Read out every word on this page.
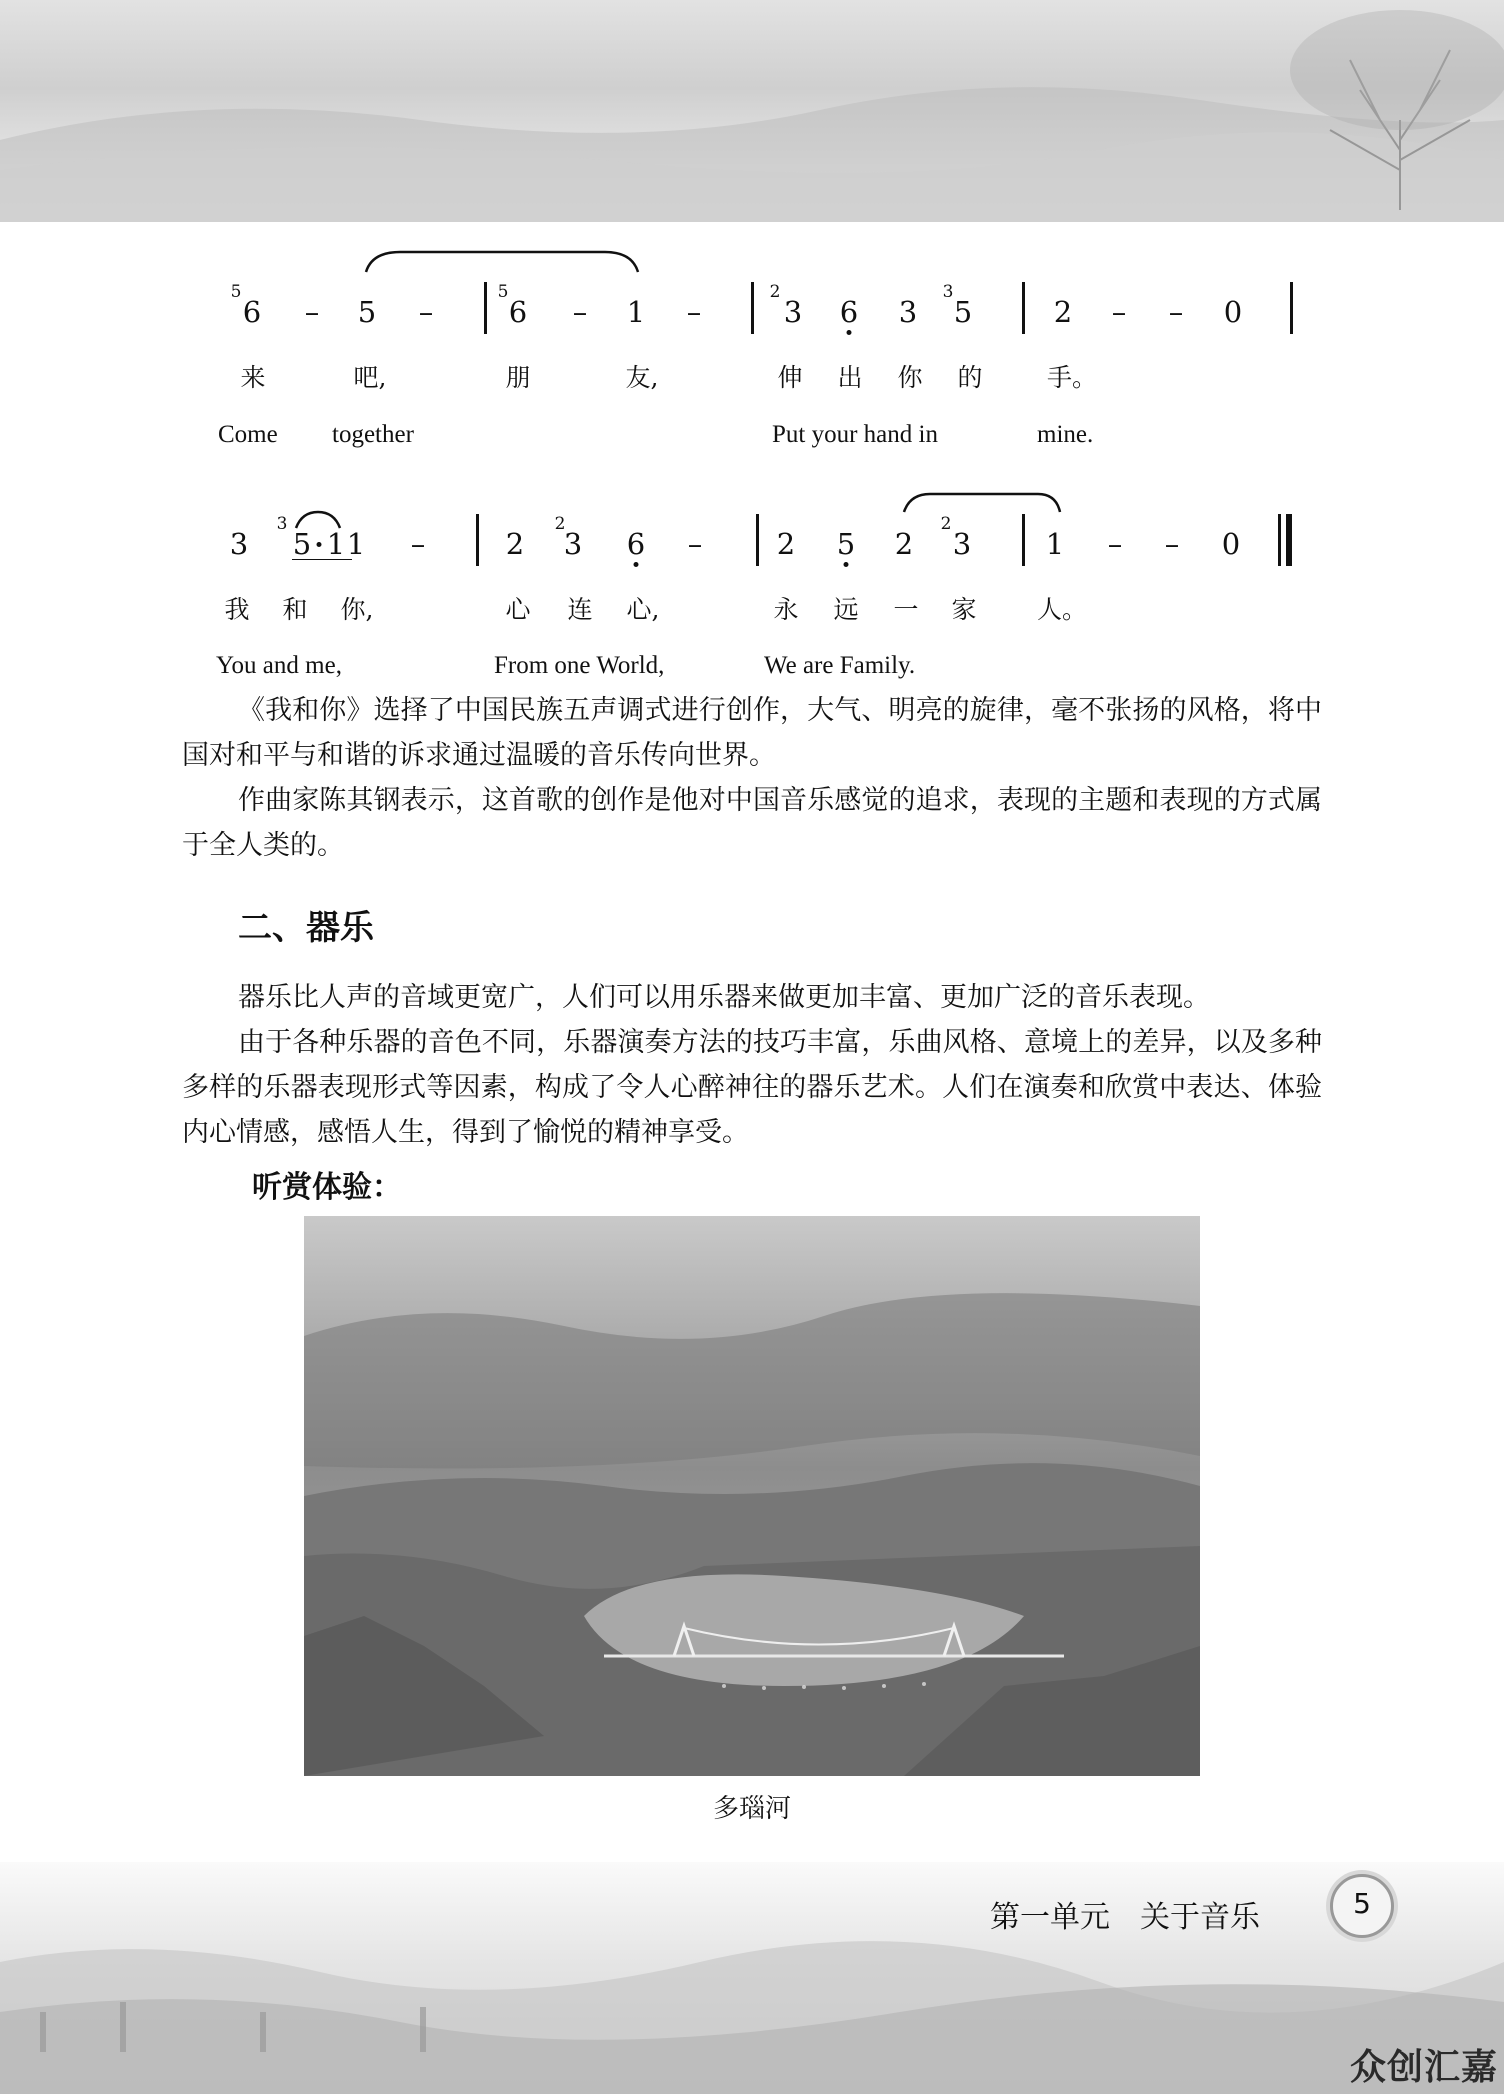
5
6 – 5 –
5
6 – 1 –
2
3 6 3
3
5	2 – – 0
来	吧,	朋	友,	伸 出 你 的	手。
Come together	Put your hand in	mine.
3
3
5 1 1 –	2
2
3 6 –	2 5 2
2
3	1 – – 0
我 和 你,	心 连 心,	永 远 一 家 人。
You and me,	From one World,	We are Family.

《我和你》选择了中国民族五声调式进行创作，大气、明亮的旋律，毫不张扬的风格，将中国对和平与和谐的诉求通过温暖的音乐传向世界。

作曲家陈其钢表示，这首歌的创作是他对中国音乐感觉的追求，表现的主题和表现的方式属于全人类的。

二、器乐

器乐比人声的音域更宽广，人们可以用乐器来做更加丰富、更加广泛的音乐表现。

由于各种乐器的音色不同，乐器演奏方法的技巧丰富，乐曲风格、意境上的差异，以及多种多样的乐器表现形式等因素，构成了令人心醉神往的器乐艺术。人们在演奏和欣赏中表达、体验内心情感，感悟人生，得到了愉悦的精神享受。

听赏体验：
多瑙河
第一单元　关于音乐	5
众创汇嘉
